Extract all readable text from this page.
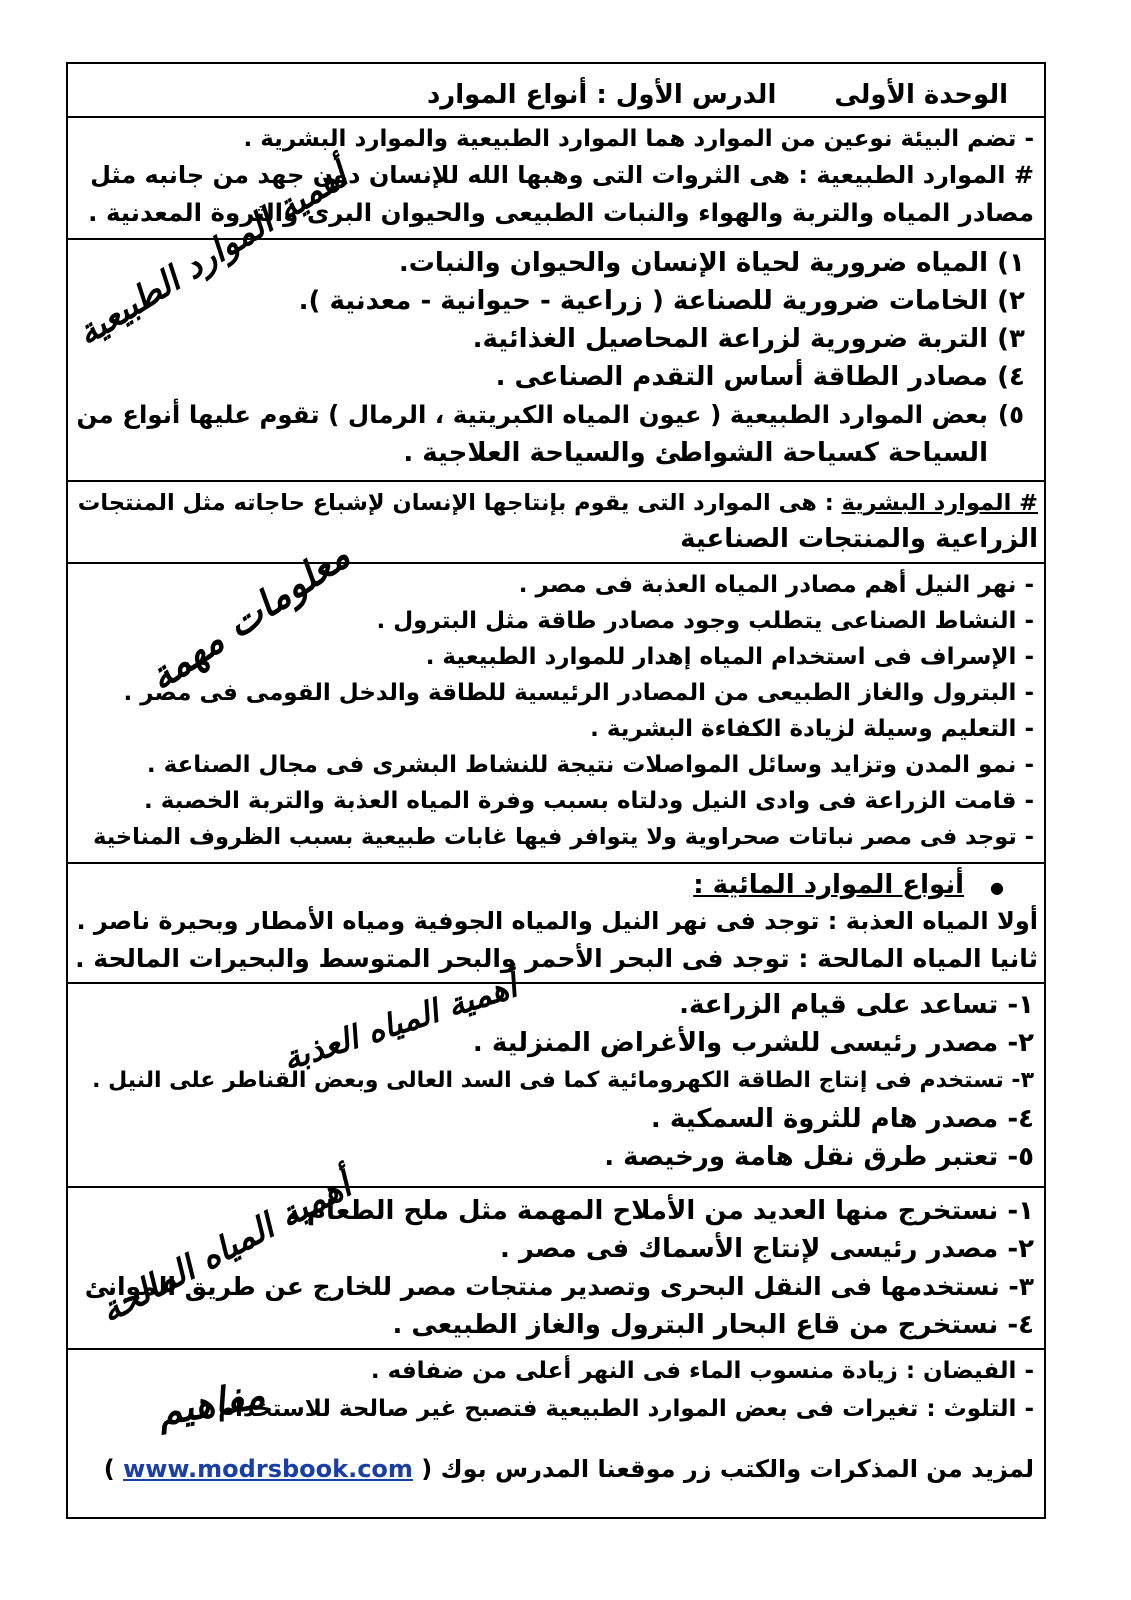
الوحدة الأولىالدرس الأول : أنواع الموارد
- تضم البيئة نوعين من الموارد هما الموارد الطبيعية والموارد البشرية .
# الموارد الطبيعية : هى الثروات التى وهبها الله للإنسان دون جهد من جانبه مثل
مصادر المياه والتربة والهواء والنبات الطبيعى والحيوان البرى والثروة المعدنية .
١)المياه ضرورية لحياة الإنسان والحيوان والنبات.
٢)الخامات ضرورية للصناعة ( زراعية - حيوانية - معدنية ).
٣)التربة ضرورية لزراعة المحاصيل الغذائية.
٤)مصادر الطاقة أساس التقدم الصناعى .
٥)بعض الموارد الطبيعية ( عيون المياه الكبريتية ، الرمال ) تقوم عليها أنواع من
السياحة كسياحة الشواطئ والسياحة العلاجية .
أهمية الموارد الطبيعية
# الموارد البشرية : هى الموارد التى يقوم بإنتاجها الإنسان لإشباع حاجاته مثل المنتجات
الزراعية والمنتجات الصناعية
- نهر النيل أهم مصادر المياه العذبة فى مصر .
- النشاط الصناعى يتطلب وجود مصادر طاقة مثل البترول .
- الإسراف فى استخدام المياه إهدار للموارد الطبيعية .
- البترول والغاز الطبيعى من المصادر الرئيسية للطاقة والدخل القومى فى مصر .
- التعليم وسيلة لزيادة الكفاءة البشرية .
- نمو المدن وتزايد وسائل المواصلات نتيجة للنشاط البشرى فى مجال الصناعة .
- قامت الزراعة فى وادى النيل ودلتاه بسبب وفرة المياه العذبة والتربة الخصبة .
- توجد فى مصر نباتات صحراوية ولا يتوافر فيها غابات طبيعية بسبب الظروف المناخية
معلومات مهمة
●أنواع الموارد المائية :
أولا المياه العذبة : توجد فى نهر النيل والمياه الجوفية ومياه الأمطار وبحيرة ناصر .
ثانيا المياه المالحة : توجد فى البحر الأحمر والبحر المتوسط والبحيرات المالحة .
١- تساعد على قيام الزراعة.
٢- مصدر رئيسى للشرب والأغراض المنزلية .
٣- تستخدم فى إنتاج الطاقة الكهرومائية كما فى السد العالى وبعض القناطر على النيل .
٤- مصدر هام للثروة السمكية .
٥- تعتبر طرق نقل هامة ورخيصة .
أهمية المياه العذبة
١- نستخرج منها العديد من الأملاح المهمة مثل ملح الطعام .
٢- مصدر رئيسى لإنتاج الأسماك فى مصر .
٣- نستخدمها فى النقل البحرى وتصدير منتجات مصر للخارج عن طريق الموانئ
٤- نستخرج من قاع البحار البترول والغاز الطبيعى .
أهمية المياه المالحة
- الفيضان : زيادة منسوب الماء فى النهر أعلى من ضفافه .
- التلوث : تغيرات فى بعض الموارد الطبيعية فتصبح غير صالحة للاستخدام .
مفاهيم
لمزيد من المذكرات والكتب زر موقعنا المدرس بوك ( www.modrsbook.com )
